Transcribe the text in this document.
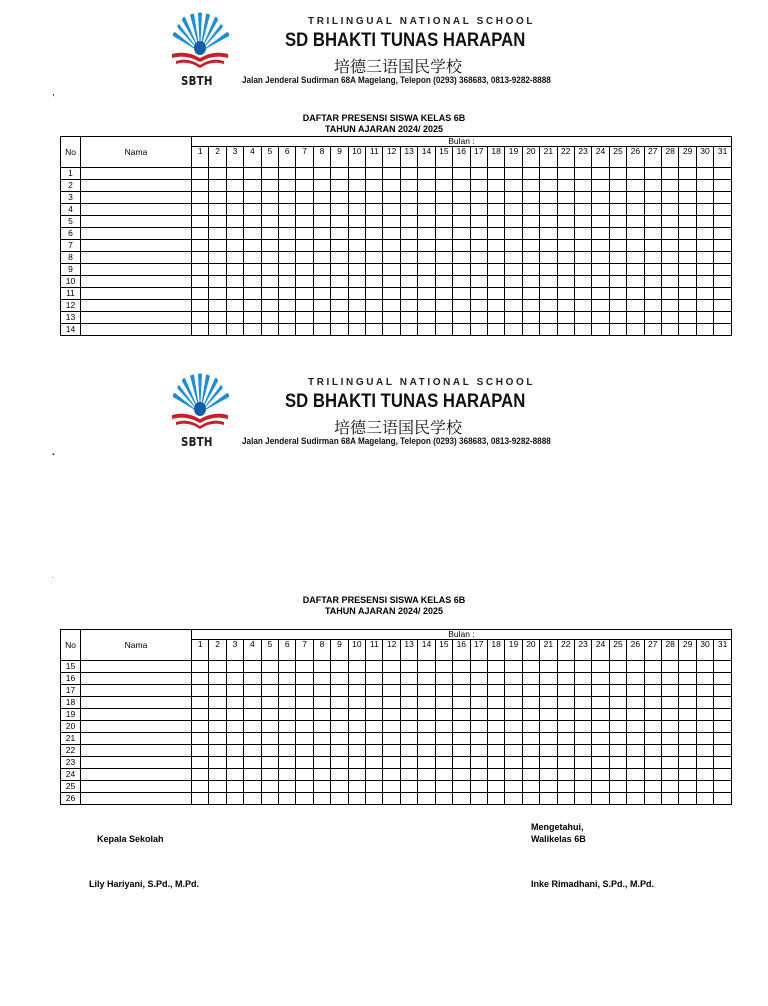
SBTH
TRILINGUAL NATIONAL SCHOOL
SD BHAKTI TUNAS HARAPAN
培德三语国民学校
Jalan Jenderal Sudirman 68A Magelang, Telepon (0293) 368683, 0813-9282-8888
,
DAFTAR PRESENSI SISWA KELAS 6B
TAHUN AJARAN 2024/ 2025
No	Nama	Bulan :																														
		1	2	3	4	5	6	7	8	9	10	11	12	13	14	15	16	17	18	19	20	21	22	23	24	25	26	27	28	29	30	31
1																																
2																																
3																																
4																																
5																																
6																																
7																																
8																																
9																																
10																																
11																																
12																																
13																																
14																																
SBTH
TRILINGUAL NATIONAL SCHOOL
SD BHAKTI TUNAS HARAPAN
培德三语国民学校
Jalan Jenderal Sudirman 68A Magelang, Telepon (0293) 368683, 0813-9282-8888
.
.
DAFTAR PRESENSI SISWA KELAS 6B
TAHUN AJARAN 2024/ 2025
No	Nama	Bulan :																														
		1	2	3	4	5	6	7	8	9	10	11	12	13	14	15	16	17	18	19	20	21	22	23	24	25	26	27	28	29	30	31
15																																
16																																
17																																
18																																
19																																
20																																
21																																
22																																
23																																
24																																
25																																
26																																
Kepala Sekolah
Lily Hariyani, S.Pd., M.Pd.
Mengetahui,
Walikelas 6B
Inke Rimadhani, S.Pd., M.Pd.
